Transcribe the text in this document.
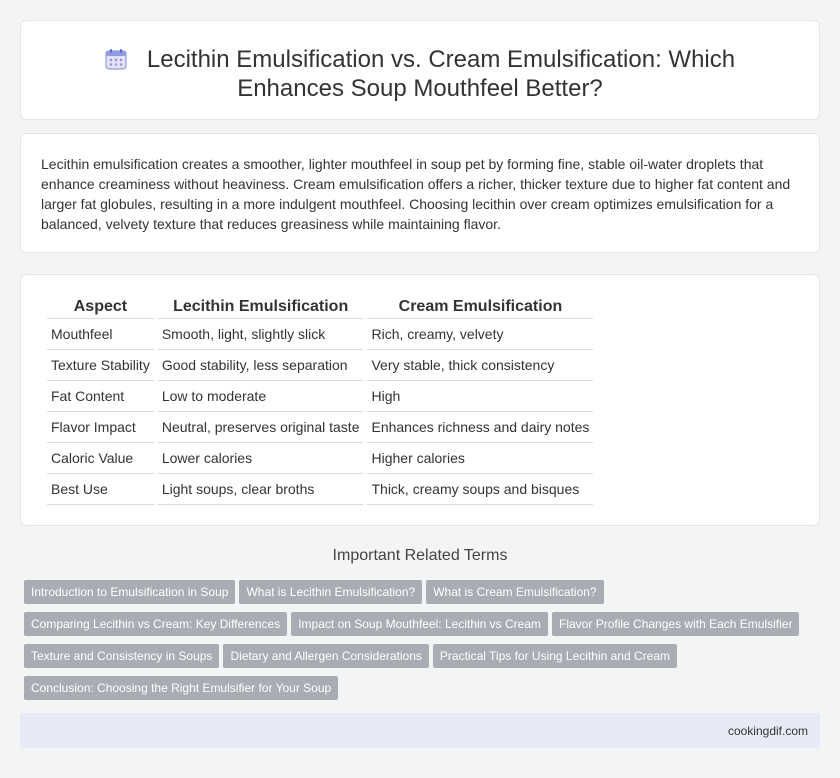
Lecithin Emulsification vs. Cream Emulsification: Which Enhances Soup Mouthfeel Better?

Lecithin emulsification creates a smoother, lighter mouthfeel in soup pet by forming fine, stable oil-water droplets that enhance creaminess without heaviness. Cream emulsification offers a richer, thicker texture due to higher fat content and larger fat globules, resulting in a more indulgent mouthfeel. Choosing lecithin over cream optimizes emulsification for a balanced, velvety texture that reduces greasiness while maintaining flavor.

Aspect	Lecithin Emulsification	Cream Emulsification
Mouthfeel	Smooth, light, slightly slick	Rich, creamy, velvety
Texture Stability	Good stability, less separation	Very stable, thick consistency
Fat Content	Low to moderate	High
Flavor Impact	Neutral, preserves original taste	Enhances richness and dairy notes
Caloric Value	Lower calories	Higher calories
Best Use	Light soups, clear broths	Thick, creamy soups and bisques
Important Related Terms
Introduction to Emulsification in Soup What is Lecithin Emulsification? What is Cream Emulsification?
Comparing Lecithin vs Cream: Key Differences Impact on Soup Mouthfeel: Lecithin vs Cream Flavor Profile Changes with Each Emulsifier
Texture and Consistency in Soups Dietary and Allergen Considerations Practical Tips for Using Lecithin and Cream
Conclusion: Choosing the Right Emulsifier for Your Soup
cookingdif.com
